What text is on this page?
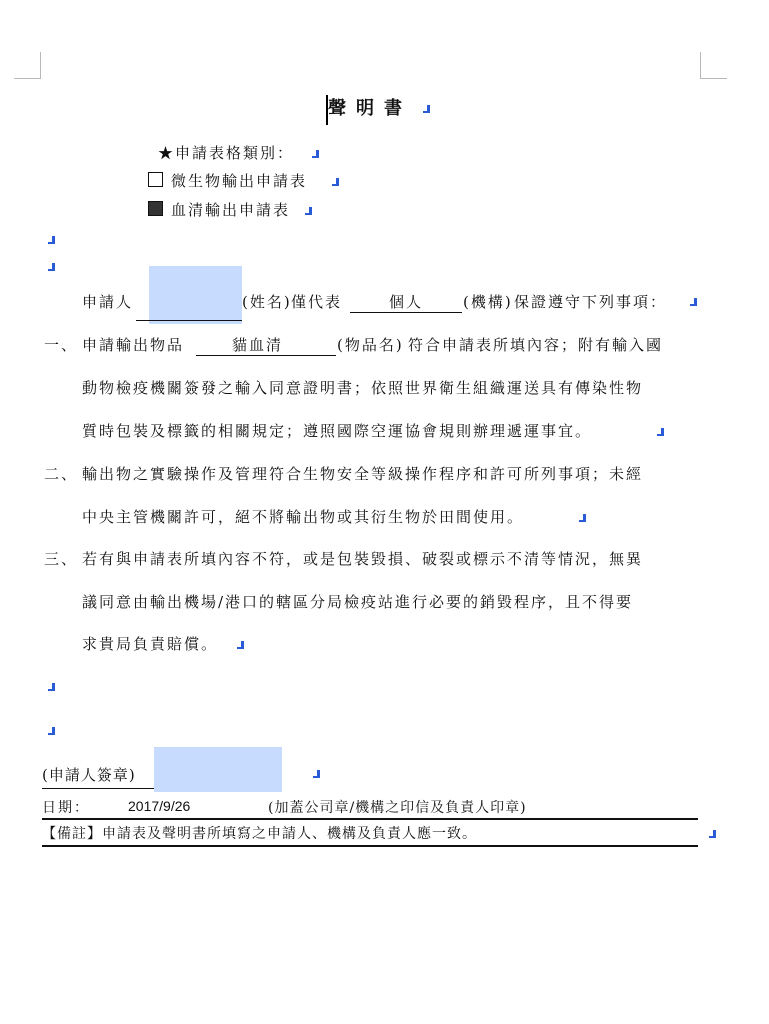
聲明書
★申請表格類別：
微生物輸出申請表
血清輸出申請表
申請人	(姓名) 僅代表	個人	(機構) 保證遵守下列事項：
一、 申請輸出物品	貓血清	(物品名) 符合申請表所填內容；附有輸入國
動物檢疫機關簽發之輸入同意證明書；依照世界衛生組織運送具有傳染性物
質時包裝及標籤的相關規定；遵照國際空運協會規則辦理遞運事宜。
二、 輸出物之實驗操作及管理符合生物安全等級操作程序和許可所列事項；未經
中央主管機關許可，絕不將輸出物或其衍生物於田間使用。
三、 若有與申請表所填內容不符，或是包裝毀損、破裂或標示不清等情況，無異
議同意由輸出機場/港口的轄區分局檢疫站進行必要的銷毀程序，且不得要
求貴局負責賠償。
(申請人簽章)
日期：	2017/9/26	(加蓋公司章/機構之印信及負責人印章)
【備註】申請表及聲明書所填寫之申請人、機構及負責人應一致。
